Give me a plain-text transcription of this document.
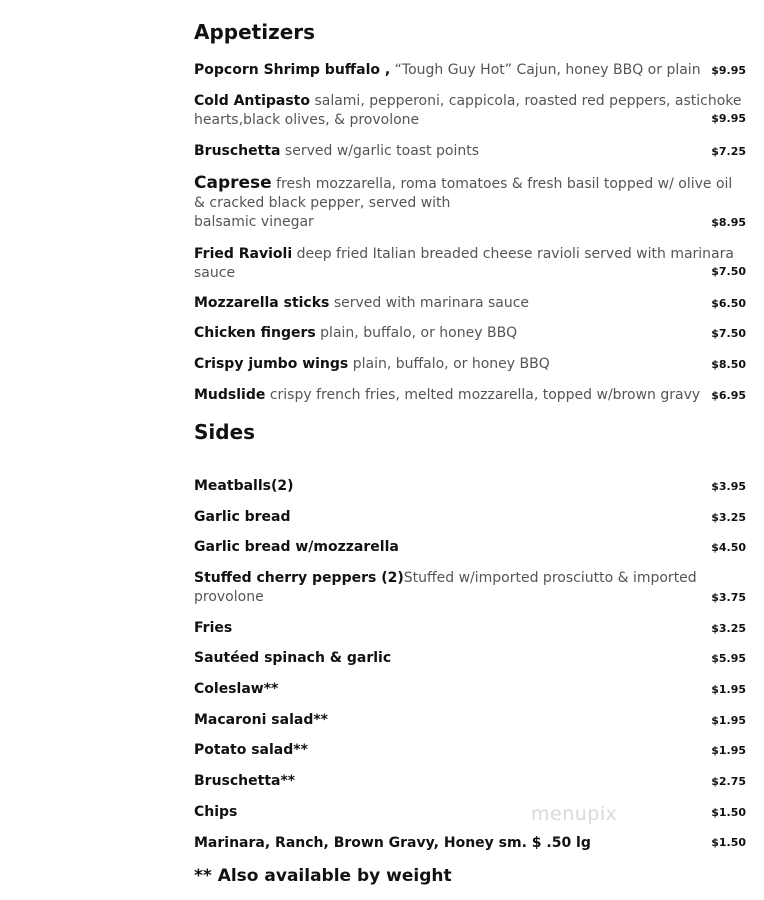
Appetizers
Popcorn Shrimp buffalo , “Tough Guy Hot” Cajun, honey BBQ or plain $9.95
Cold Antipasto salami, pepperoni, cappicola, roasted red peppers, astichoke
hearts,black olives, & provolone	$9.95
Bruschetta served w/garlic toast points	$7.25
Caprese fresh mozzarella, roma tomatoes & fresh basil topped w/ olive oil
& cracked black pepper, served with
balsamic vinegar	$8.95
Fried Ravioli deep fried Italian breaded cheese ravioli served with marinara
sauce	$7.50
Mozzarella sticks served with marinara sauce	$6.50
Chicken fingers plain, buffalo, or honey BBQ	$7.50
Crispy jumbo wings plain, buffalo, or honey BBQ	$8.50
Mudslide crispy french fries, melted mozzarella, topped w/brown gravy	$6.95
Sides
Meatballs(2)	$3.95
Garlic bread	$3.25
Garlic bread w/mozzarella	$4.50
Stuffed cherry peppers (2)Stuffed w/imported prosciutto & imported
provolone	$3.75
Fries	$3.25
Sautéed spinach & garlic	$5.95
Coleslaw**	$1.95
Macaroni salad**	$1.95
Potato salad**	$1.95
Bruschetta**	$2.75
Chips	$1.50
Marinara, Ranch, Brown Gravy, Honey sm. $ .50 lg	$1.50
** Also available by weight
menupix
